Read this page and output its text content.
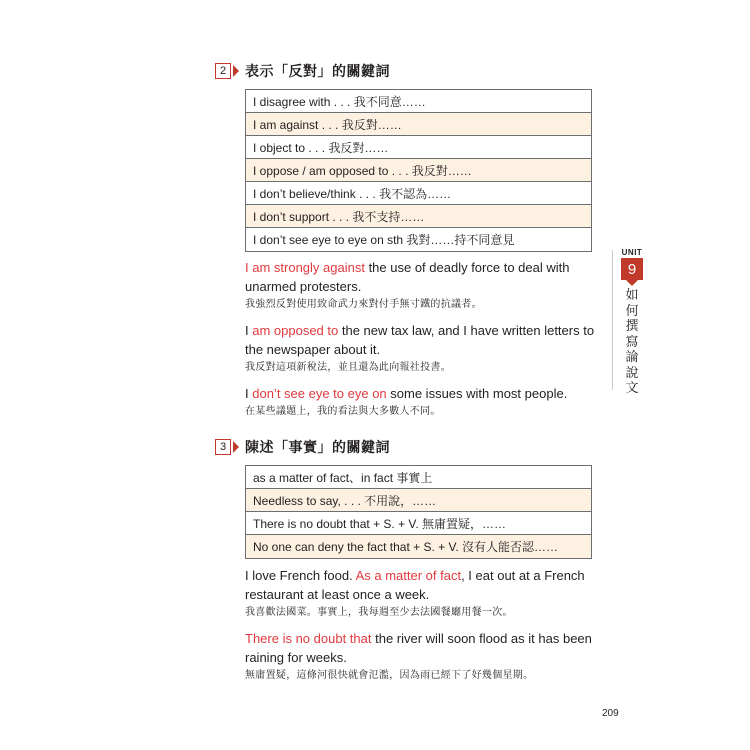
2	表示「反對」的關鍵詞
I disagree with . . . 我不同意……
I am against . . . 我反對……
I object to . . . 我反對……
I oppose / am opposed to . . . 我反對……
I don’t believe/think . . . 我不認為……
I don’t support . . . 我不支持……
I don’t see eye to eye on sth 我對……持不同意見
I am strongly against the use of deadly force to deal with unarmed protesters.
我強烈反對使用致命武力來對付手無寸鐵的抗議者。
I am opposed to the new tax law, and I have written letters to the newspaper about it.
我反對這項新稅法，並且還為此向報社投書。
I don’t see eye to eye on some issues with most people.
在某些議題上，我的看法與大多數人不同。
3	陳述「事實」的關鍵詞
as a matter of fact、in fact 事實上
Needless to say, . . . 不用說，……
There is no doubt that + S. + V. 無庸置疑，……
No one can deny the fact that + S. + V. 沒有人能否認……
I love French food. As a matter of fact, I eat out at a French restaurant at least once a week.
我喜歡法國菜。事實上，我每週至少去法國餐廳用餐一次。
There is no doubt that the river will soon flood as it has been raining for weeks.
無庸置疑，這條河很快就會氾濫，因為雨已經下了好幾個星期。
UNIT
9
如何撰寫論說文
209
